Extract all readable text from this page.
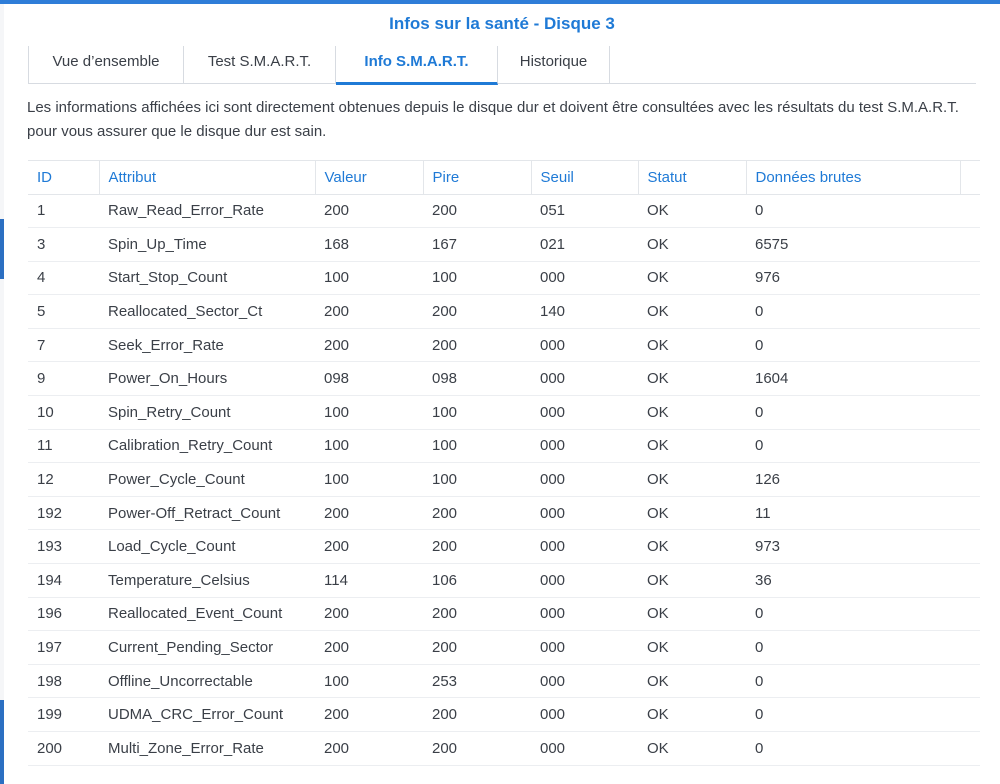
Infos sur la santé - Disque 3
Vue d’ensemble	Test S.M.A.R.T.	Info S.M.A.R.T.	Historique
Les informations affichées ici sont directement obtenues depuis le disque dur et doivent être consultées avec les résultats du test S.M.A.R.T. pour vous assurer que le disque dur est sain.
ID	Attribut	Valeur	Pire	Seuil	Statut	Données brutes	
1	Raw_Read_Error_Rate	200	200	051	OK	0	
3	Spin_Up_Time	168	167	021	OK	6575	
4	Start_Stop_Count	100	100	000	OK	976	
5	Reallocated_Sector_Ct	200	200	140	OK	0	
7	Seek_Error_Rate	200	200	000	OK	0	
9	Power_On_Hours	098	098	000	OK	1604	
10	Spin_Retry_Count	100	100	000	OK	0	
11	Calibration_Retry_Count	100	100	000	OK	0	
12	Power_Cycle_Count	100	100	000	OK	126	
192	Power-Off_Retract_Count	200	200	000	OK	11	
193	Load_Cycle_Count	200	200	000	OK	973	
194	Temperature_Celsius	114	106	000	OK	36	
196	Reallocated_Event_Count	200	200	000	OK	0	
197	Current_Pending_Sector	200	200	000	OK	0	
198	Offline_Uncorrectable	100	253	000	OK	0	
199	UDMA_CRC_Error_Count	200	200	000	OK	0	
200	Multi_Zone_Error_Rate	200	200	000	OK	0	
